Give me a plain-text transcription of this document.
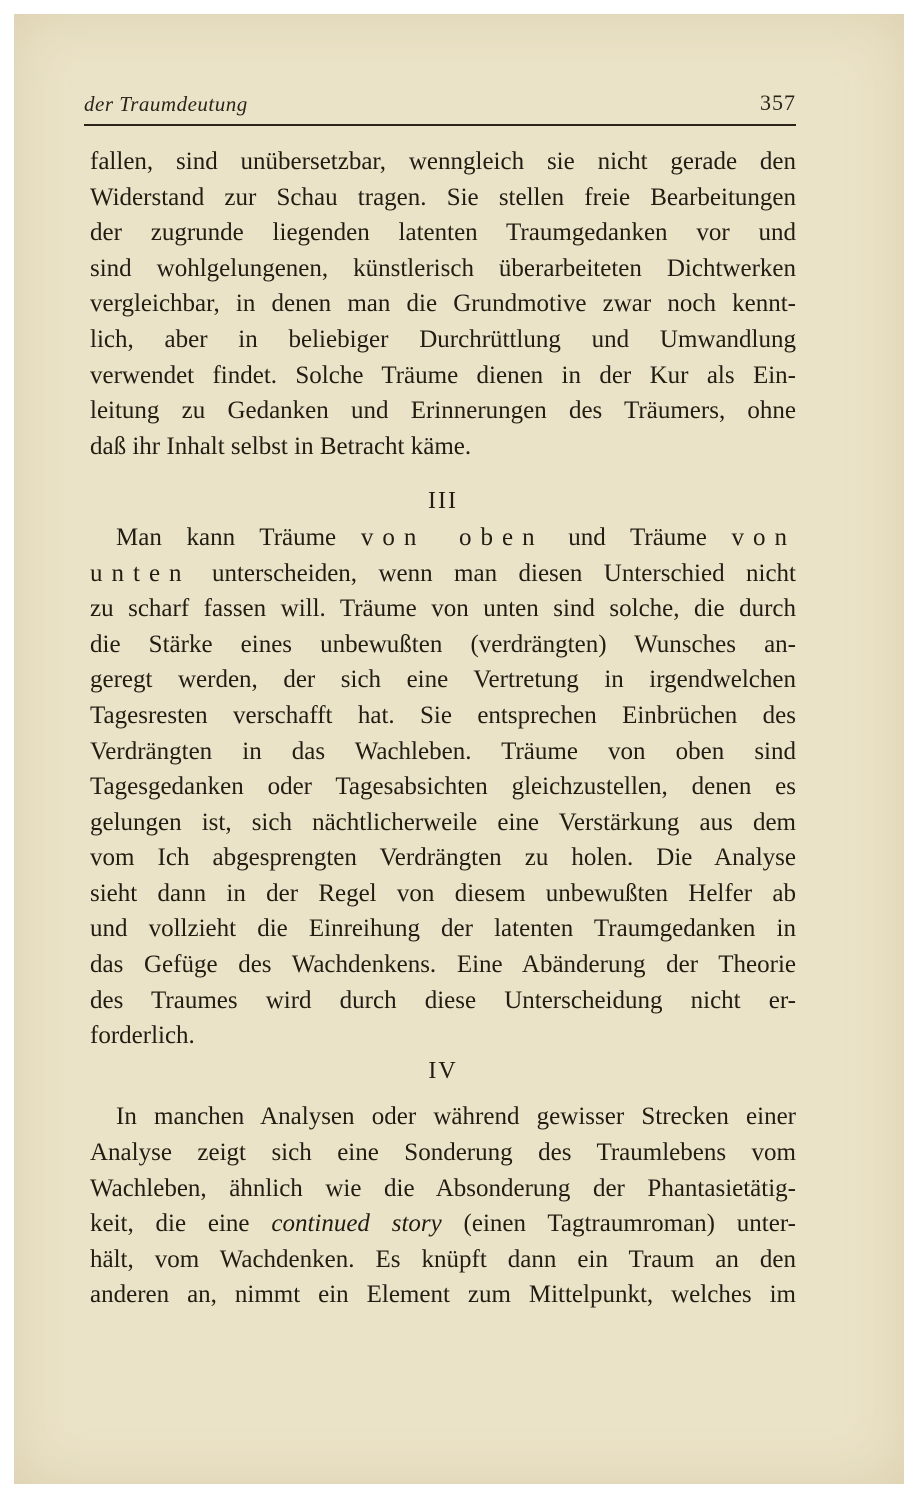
der Traumdeutung	357
fallen, sind unübersetzbar, wenngleich sie nicht gerade den
Widerstand zur Schau tragen. Sie stellen freie Bearbeitungen
der zugrunde liegenden latenten Traumgedanken vor und
sind wohlgelungenen, künstlerisch überarbeiteten Dichtwerken
vergleichbar, in denen man die Grundmotive zwar noch kennt-
lich, aber in beliebiger Durchrüttlung und Umwandlung
verwendet findet. Solche Träume dienen in der Kur als Ein-
leitung zu Gedanken und Erinnerungen des Träumers, ohne
daß ihr Inhalt selbst in Betracht käme.
III
Man kann Träume von oben und Träume von
unten unterscheiden, wenn man diesen Unterschied nicht
zu scharf fassen will. Träume von unten sind solche, die durch
die Stärke eines unbewußten (verdrängten) Wunsches an-
geregt werden, der sich eine Vertretung in irgendwelchen
Tagesresten verschafft hat. Sie entsprechen Einbrüchen des
Verdrängten in das Wachleben. Träume von oben sind
Tagesgedanken oder Tagesabsichten gleichzustellen, denen es
gelungen ist, sich nächtlicherweile eine Verstärkung aus dem
vom Ich abgesprengten Verdrängten zu holen. Die Analyse
sieht dann in der Regel von diesem unbewußten Helfer ab
und vollzieht die Einreihung der latenten Traumgedanken in
das Gefüge des Wachdenkens. Eine Abänderung der Theorie
des Traumes wird durch diese Unterscheidung nicht er-
forderlich.
IV
In manchen Analysen oder während gewisser Strecken einer
Analyse zeigt sich eine Sonderung des Traumlebens vom
Wachleben, ähnlich wie die Absonderung der Phantasietätig-
keit, die eine continued story (einen Tagtraumroman) unter-
hält, vom Wachdenken. Es knüpft dann ein Traum an den
anderen an, nimmt ein Element zum Mittelpunkt, welches im
